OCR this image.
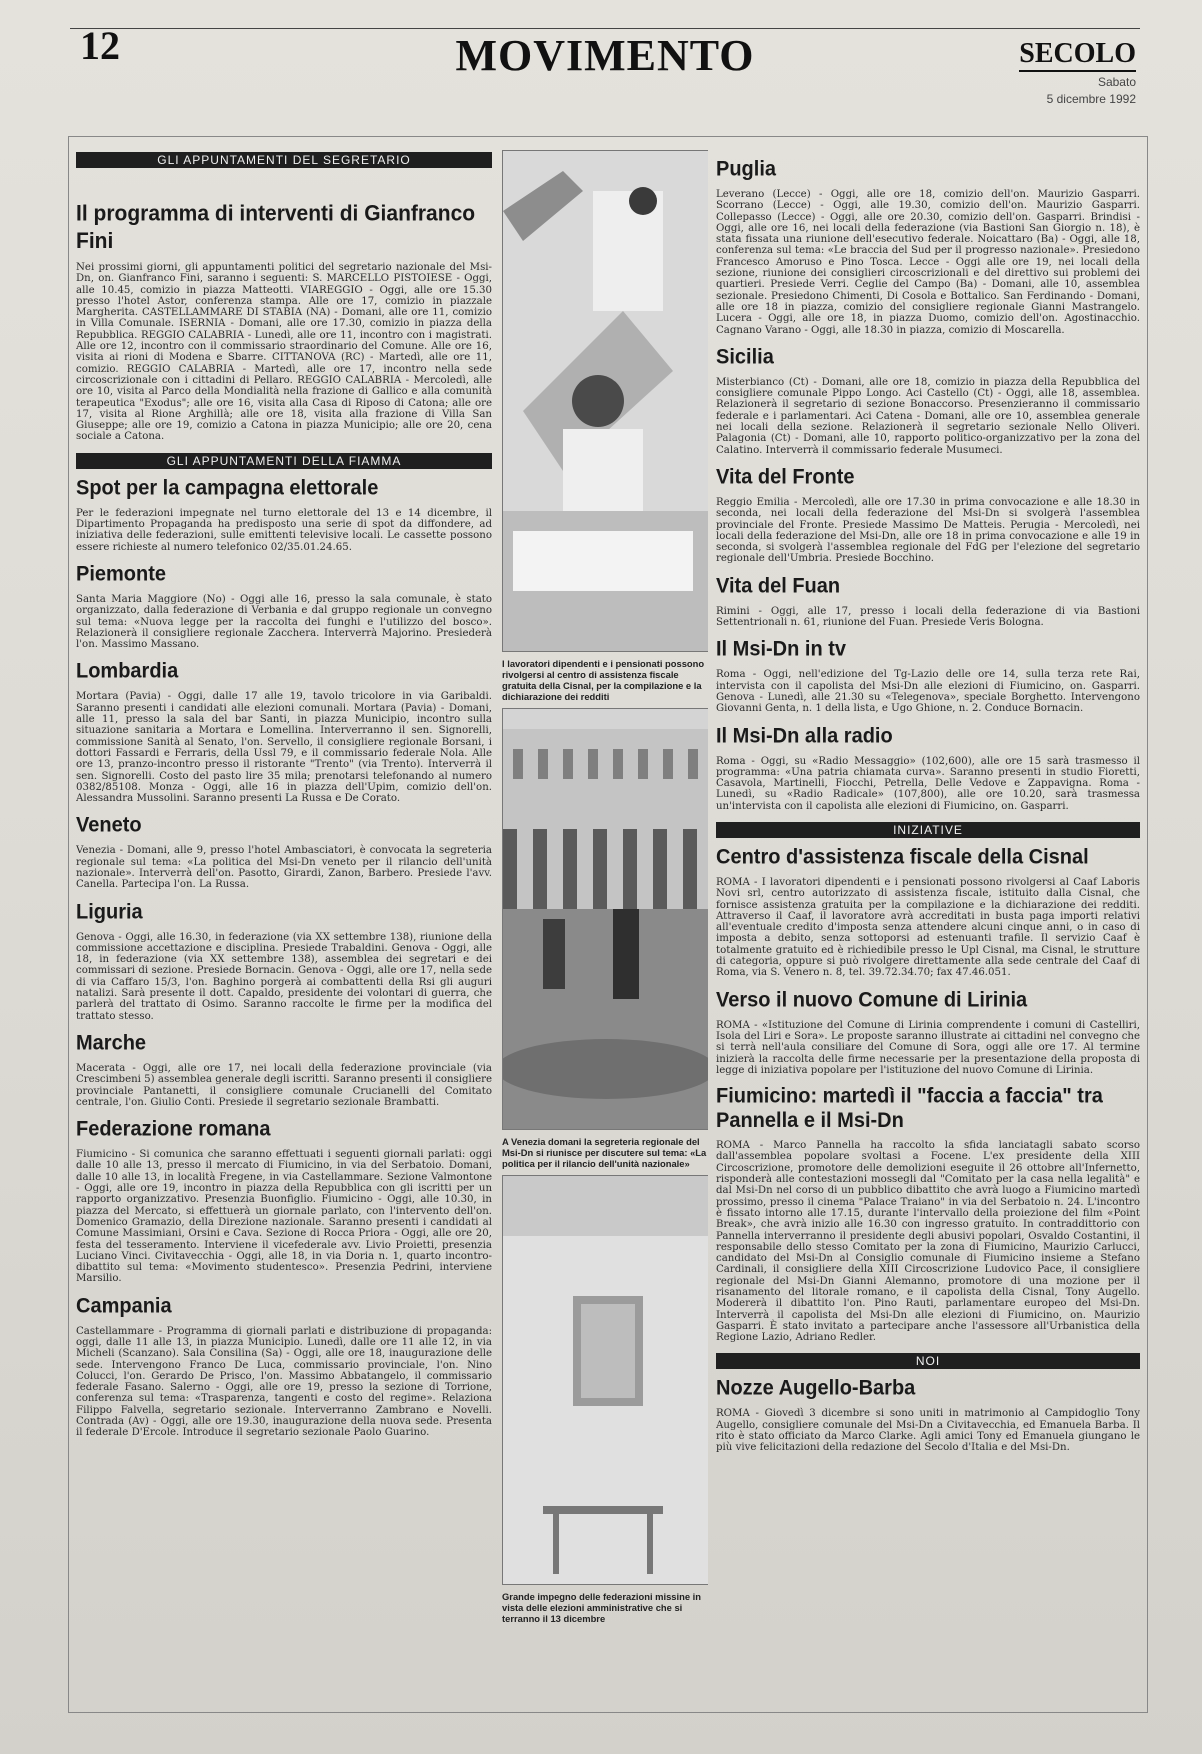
12	MOVIMENTO	SECOLO
Sabato
5 dicembre 1992
GLI APPUNTAMENTI DEL SEGRETARIO
Il programma di interventi di Gianfranco Fini

Nei prossimi giorni, gli appuntamenti politici del segretario nazionale del Msi-Dn, on. Gianfranco Fini, saranno i seguenti: S. MARCELLO PISTOIESE - Oggi, alle 10.45, comizio in piazza Matteotti. VIAREGGIO - Oggi, alle ore 15.30 presso l'hotel Astor, conferenza stampa. Alle ore 17, comizio in piazzale Margherita. CASTELLAMMARE DI STABIA (NA) - Domani, alle ore 11, comizio in Villa Comunale. ISERNIA - Domani, alle ore 17.30, comizio in piazza della Repubblica. REGGIO CALABRIA - Lunedì, alle ore 11, incontro con i magistrati. Alle ore 12, incontro con il commissario straordinario del Comune. Alle ore 16, visita ai rioni di Modena e Sbarre. CITTANOVA (RC) - Martedì, alle ore 11, comizio. REGGIO CALABRIA - Martedì, alle ore 17, incontro nella sede circoscrizionale con i cittadini di Pellaro. REGGIO CALABRIA - Mercoledì, alle ore 10, visita al Parco della Mondialità nella frazione di Gallico e alla comunità terapeutica "Exodus"; alle ore 16, visita alla Casa di Riposo di Catona; alle ore 17, visita al Rione Arghillà; alle ore 18, visita alla frazione di Villa San Giuseppe; alle ore 19, comizio a Catona in piazza Municipio; alle ore 20, cena sociale a Catona.

GLI APPUNTAMENTI DELLA FIAMMA
Spot per la campagna elettorale

Per le federazioni impegnate nel turno elettorale del 13 e 14 dicembre, il Dipartimento Propaganda ha predisposto una serie di spot da diffondere, ad iniziativa delle federazioni, sulle emittenti televisive locali. Le cassette possono essere richieste al numero telefonico 02/35.01.24.65.

Piemonte

Santa Maria Maggiore (No) - Oggi alle 16, presso la sala comunale, è stato organizzato, dalla federazione di Verbania e dal gruppo regionale un convegno sul tema: «Nuova legge per la raccolta dei funghi e l'utilizzo del bosco». Relazionerà il consigliere regionale Zacchera. Interverrà Majorino. Presiederà l'on. Massimo Massano.

Lombardia

Mortara (Pavia) - Oggi, dalle 17 alle 19, tavolo tricolore in via Garibaldi. Saranno presenti i candidati alle elezioni comunali. Mortara (Pavia) - Domani, alle 11, presso la sala del bar Santi, in piazza Municipio, incontro sulla situazione sanitaria a Mortara e Lomellina. Interverranno il sen. Signorelli, commissione Sanità al Senato, l'on. Servello, il consigliere regionale Borsani, i dottori Fassardi e Ferraris, della Ussl 79, e il commissario federale Nola. Alle ore 13, pranzo-incontro presso il ristorante "Trento" (via Trento). Interverrà il sen. Signorelli. Costo del pasto lire 35 mila; prenotarsi telefonando al numero 0382/85108. Monza - Oggi, alle 16 in piazza dell'Upim, comizio dell'on. Alessandra Mussolini. Saranno presenti La Russa e De Corato.

Veneto

Venezia - Domani, alle 9, presso l'hotel Ambasciatori, è convocata la segreteria regionale sul tema: «La politica del Msi-Dn veneto per il rilancio dell'unità nazionale». Interverrà dell'on. Pasotto, Girardi, Zanon, Barbero. Presiede l'avv. Canella. Partecipa l'on. La Russa.

Liguria

Genova - Oggi, alle 16.30, in federazione (via XX settembre 138), riunione della commissione accettazione e disciplina. Presiede Trabaldini. Genova - Oggi, alle 18, in federazione (via XX settembre 138), assemblea dei segretari e dei commissari di sezione. Presiede Bornacin. Genova - Oggi, alle ore 17, nella sede di via Caffaro 15/3, l'on. Baghino porgerà ai combattenti della Rsi gli auguri natalizi. Sarà presente il dott. Capaldo, presidente dei volontari di guerra, che parlerà del trattato di Osimo. Saranno raccolte le firme per la modifica del trattato stesso.

Marche

Macerata - Oggi, alle ore 17, nei locali della federazione provinciale (via Crescimbeni 5) assemblea generale degli iscritti. Saranno presenti il consigliere provinciale Pantanetti, il consigliere comunale Crucianelli del Comitato centrale, l'on. Giulio Conti. Presiede il segretario sezionale Brambatti.

Federazione romana

Fiumicino - Si comunica che saranno effettuati i seguenti giornali parlati: oggi dalle 10 alle 13, presso il mercato di Fiumicino, in via del Serbatoio. Domani, dalle 10 alle 13, in località Fregene, in via Castellammare. Sezione Valmontone - Oggi, alle ore 19, incontro in piazza della Repubblica con gli iscritti per un rapporto organizzativo. Presenzia Buonfiglio. Fiumicino - Oggi, alle 10.30, in piazza del Mercato, si effettuerà un giornale parlato, con l'intervento dell'on. Domenico Gramazio, della Direzione nazionale. Saranno presenti i candidati al Comune Massimiani, Orsini e Cava. Sezione di Rocca Priora - Oggi, alle ore 20, festa del tesseramento. Interviene il vicefederale avv. Livio Proietti, presenzia Luciano Vinci. Civitavecchia - Oggi, alle 18, in via Doria n. 1, quarto incontro-dibattito sul tema: «Movimento studentesco». Presenzia Pedrini, interviene Marsilio.

Campania

Castellammare - Programma di giornali parlati e distribuzione di propaganda: oggi, dalle 11 alle 13, in piazza Municipio. Lunedì, dalle ore 11 alle 12, in via Micheli (Scanzano). Sala Consilina (Sa) - Oggi, alle ore 18, inaugurazione delle sede. Intervengono Franco De Luca, commissario provinciale, l'on. Nino Colucci, l'on. Gerardo De Prisco, l'on. Massimo Abbatangelo, il commissario federale Fasano. Salerno - Oggi, alle ore 19, presso la sezione di Torrione, conferenza sul tema: «Trasparenza, tangenti e costo del regime». Relaziona Filippo Falvella, segretario sezionale. Interverranno Zambrano e Novelli. Contrada (Av) - Oggi, alle ore 19.30, inaugurazione della nuova sede. Presenta il federale D'Ercole. Introduce il segretario sezionale Paolo Guarino.

I lavoratori dipendenti e i pensionati possono rivolgersi al centro di assistenza fiscale gratuita della Cisnal, per la compilazione e la dichiarazione dei redditi
A Venezia domani la segreteria regionale del Msi-Dn si riunisce per discutere sul tema: «La politica per il rilancio dell'unità nazionale»
Grande impegno delle federazioni missine in vista delle elezioni amministrative che si terranno il 13 dicembre
Puglia

Leverano (Lecce) - Oggi, alle ore 18, comizio dell'on. Maurizio Gasparri. Scorrano (Lecce) - Oggi, alle 19.30, comizio dell'on. Maurizio Gasparri. Collepasso (Lecce) - Oggi, alle ore 20.30, comizio dell'on. Gasparri. Brindisi - Oggi, alle ore 16, nei locali della federazione (via Bastioni San Giorgio n. 18), è stata fissata una riunione dell'esecutivo federale. Noicattaro (Ba) - Oggi, alle 18, conferenza sul tema: «Le braccia del Sud per il progresso nazionale». Presiedono Francesco Amoruso e Pino Tosca. Lecce - Oggi alle ore 19, nei locali della sezione, riunione dei consiglieri circoscrizionali e del direttivo sui problemi dei quartieri. Presiede Verri. Ceglie del Campo (Ba) - Domani, alle 10, assemblea sezionale. Presiedono Chimenti, Di Cosola e Bottalico. San Ferdinando - Domani, alle ore 18 in piazza, comizio del consigliere regionale Gianni Mastrangelo. Lucera - Oggi, alle ore 18, in piazza Duomo, comizio dell'on. Agostinacchio. Cagnano Varano - Oggi, alle 18.30 in piazza, comizio di Moscarella.

Sicilia

Misterbianco (Ct) - Domani, alle ore 18, comizio in piazza della Repubblica del consigliere comunale Pippo Longo. Aci Castello (Ct) - Oggi, alle 18, assemblea. Relazionerà il segretario di sezione Bonaccorso. Presenzieranno il commissario federale e i parlamentari. Aci Catena - Domani, alle ore 10, assemblea generale nei locali della sezione. Relazionerà il segretario sezionale Nello Oliveri. Palagonia (Ct) - Domani, alle 10, rapporto politico-organizzativo per la zona del Calatino. Interverrà il commissario federale Musumeci.

Vita del Fronte

Reggio Emilia - Mercoledì, alle ore 17.30 in prima convocazione e alle 18.30 in seconda, nei locali della federazione del Msi-Dn si svolgerà l'assemblea provinciale del Fronte. Presiede Massimo De Matteis. Perugia - Mercoledì, nei locali della federazione del Msi-Dn, alle ore 18 in prima convocazione e alle 19 in seconda, si svolgerà l'assemblea regionale del FdG per l'elezione del segretario regionale dell'Umbria. Presiede Bocchino.

Vita del Fuan

Rimini - Oggi, alle 17, presso i locali della federazione di via Bastioni Settentrionali n. 61, riunione del Fuan. Presiede Veris Bologna.

Il Msi-Dn in tv

Roma - Oggi, nell'edizione del Tg-Lazio delle ore 14, sulla terza rete Rai, intervista con il capolista del Msi-Dn alle elezioni di Fiumicino, on. Gasparri. Genova - Lunedì, alle 21.30 su «Telegenova», speciale Borghetto. Intervengono Giovanni Genta, n. 1 della lista, e Ugo Ghione, n. 2. Conduce Bornacin.

Il Msi-Dn alla radio

Roma - Oggi, su «Radio Messaggio» (102,600), alle ore 15 sarà trasmesso il programma: «Una patria chiamata curva». Saranno presenti in studio Fioretti, Casavola, Martinelli, Fiocchi, Petrella, Delle Vedove e Zappavigna. Roma - Lunedì, su «Radio Radicale» (107,800), alle ore 10.20, sarà trasmessa un'intervista con il capolista alle elezioni di Fiumicino, on. Gasparri.

INIZIATIVE
Centro d'assistenza fiscale della Cisnal

ROMA - I lavoratori dipendenti e i pensionati possono rivolgersi al Caaf Laboris Novi srl, centro autorizzato di assistenza fiscale, istituito dalla Cisnal, che fornisce assistenza gratuita per la compilazione e la dichiarazione dei redditi. Attraverso il Caaf, il lavoratore avrà accreditati in busta paga importi relativi all'eventuale credito d'imposta senza attendere alcuni cinque anni, o in caso di imposta a debito, senza sottoporsi ad estenuanti trafile. Il servizio Caaf è totalmente gratuito ed è richiedibile presso le Upl Cisnal, ma Cisnal, le strutture di categoria, oppure si può rivolgere direttamente alla sede centrale del Caaf di Roma, via S. Venero n. 8, tel. 39.72.34.70; fax 47.46.051.

Verso il nuovo Comune di Lirinia

ROMA - «Istituzione del Comune di Lirinia comprendente i comuni di Castelliri, Isola del Liri e Sora». Le proposte saranno illustrate ai cittadini nel convegno che si terrà nell'aula consiliare del Comune di Sora, oggi alle ore 17. Al termine inizierà la raccolta delle firme necessarie per la presentazione della proposta di legge di iniziativa popolare per l'istituzione del nuovo Comune di Lirinia.

Fiumicino: martedì il "faccia a faccia" tra Pannella e il Msi-Dn

ROMA - Marco Pannella ha raccolto la sfida lanciatagli sabato scorso dall'assemblea popolare svoltasi a Focene. L'ex presidente della XIII Circoscrizione, promotore delle demolizioni eseguite il 26 ottobre all'Infernetto, risponderà alle contestazioni mossegli dal "Comitato per la casa nella legalità" e dal Msi-Dn nel corso di un pubblico dibattito che avrà luogo a Fiumicino martedì prossimo, presso il cinema "Palace Traiano" in via del Serbatoio n. 24. L'incontro è fissato intorno alle 17.15, durante l'intervallo della proiezione del film «Point Break», che avrà inizio alle 16.30 con ingresso gratuito. In contraddittorio con Pannella interverranno il presidente degli abusivi popolari, Osvaldo Costantini, il responsabile dello stesso Comitato per la zona di Fiumicino, Maurizio Carlucci, candidato del Msi-Dn al Consiglio comunale di Fiumicino insieme a Stefano Cardinali, il consigliere della XIII Circoscrizione Ludovico Pace, il consigliere regionale del Msi-Dn Gianni Alemanno, promotore di una mozione per il risanamento del litorale romano, e il capolista della Cisnal, Tony Augello. Modererà il dibattito l'on. Pino Rauti, parlamentare europeo del Msi-Dn. Interverrà il capolista del Msi-Dn alle elezioni di Fiumicino, on. Maurizio Gasparri. È stato invitato a partecipare anche l'assessore all'Urbanistica della Regione Lazio, Adriano Redler.

NOI
Nozze Augello-Barba

ROMA - Giovedì 3 dicembre si sono uniti in matrimonio al Campidoglio Tony Augello, consigliere comunale del Msi-Dn a Civitavecchia, ed Emanuela Barba. Il rito è stato officiato da Marco Clarke. Agli amici Tony ed Emanuela giungano le più vive felicitazioni della redazione del Secolo d'Italia e del Msi-Dn.
